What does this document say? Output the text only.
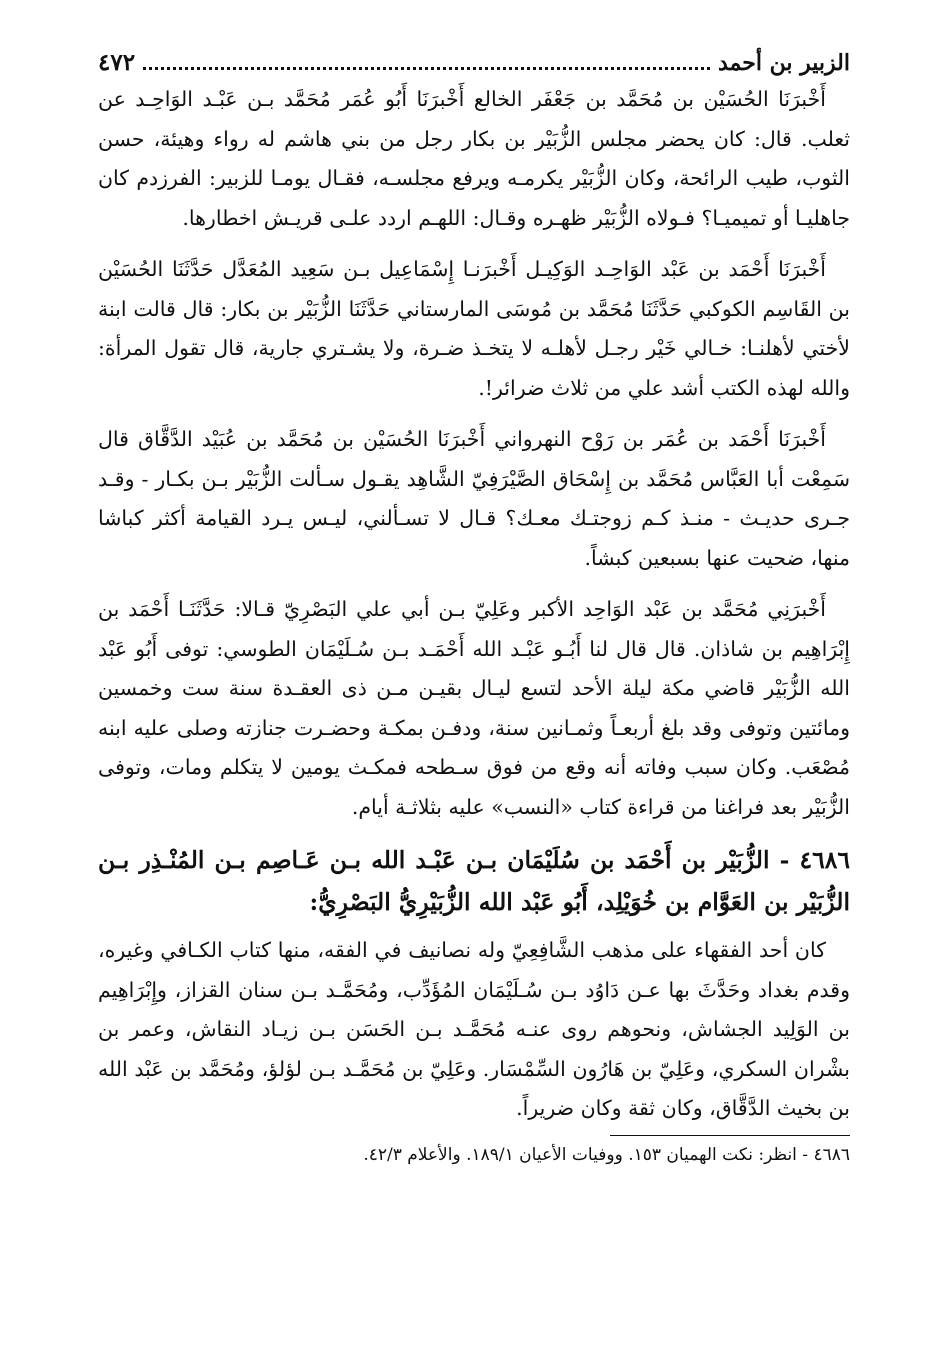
الزبير بن أحمد
٤٧٢

أَخْبرَنَا الحُسَيْن بن مُحَمَّد بن جَعْفَر الخالع أَخْبرَنَا أَبُو عُمَر مُحَمَّد بـن عَبْـد الوَاحِـد عن ثعلب. قال: كان يحضر مجلس الزُّبَيْر بن بكار رجل من بني هاشم له رواء وهيئة، حسن الثوب، طيب الرائحة، وكان الزُّبَيْر يكرمـه ويرفع مجلسـه، فقـال يومـا للزبير: الفرزدم كان جاهليـا أو تميميـا؟ فـولاه الزُّبَيْر ظهـره وقـال: اللهـم اردد علـى قريـش اخطارها.

أَخْبرَنَا أَحْمَد بن عَبْد الوَاحِـد الوَكِيـل أَخْبرَنـا إِسْمَاعِيل بـن سَعِيد المُعَدَّل حَدَّثَنَا الحُسَيْن بن القَاسِم الكوكبي حَدَّثَنَا مُحَمَّد بن مُوسَى المارستاني حَدَّثَنَا الزُّبَيْر بن بكار: قال قالت ابنة لأختي لأهلنـا: خـالي خَيْر رجـل لأهلـه لا يتخـذ ضـرة، ولا يشـتري جارية، قال تقول المرأة: والله لهذه الكتب أشد علي من ثلاث ضرائر!.

أَخْبرَنَا أَحْمَد بن عُمَر بن رَوْح النهرواني أَخْبرَنَا الحُسَيْن بن مُحَمَّد بن عُبَيْد الدَّقَّاق قال سَمِعْت أبا العَبَّاس مُحَمَّد بن إِسْحَاق الصَّيْرَفِيّ الشَّاهِد يقـول سـألت الزُّبَيْر بـن بكـار - وقـد جـرى حديـث - منـذ كـم زوجتـك معـك؟ قـال لا تسـألني، ليـس يـرد القيامة أكثر كباشا منها، ضحيت عنها بسبعين كبشاً.

أَخْبرَنِي مُحَمَّد بن عَبْد الوَاحِد الأكبر وعَلِيّ بـن أبي علي البَصْرِيّ قـالا: حَدَّثَنَـا أَحْمَد بن إِبْرَاهِيم بن شاذان. قال قال لنا أَبُـو عَبْـد الله أَحْمَـد بـن سُـلَيْمَان الطوسي: توفى أَبُو عَبْد الله الزُّبَيْر قاضي مكة ليلة الأحد لتسع ليـال بقيـن مـن ذى العقـدة سنة ست وخمسين ومائتين وتوفى وقد بلغ أربعـاً وثمـانين سنة، ودفـن بمكـة وحضـرت جنازته وصلى عليه ابنه مُصْعَب. وكان سبب وفاته أنه وقع من فوق سـطحه فمكـث يومين لا يتكلم ومات، وتوفى الزُّبَيْر بعد فراغنا من قراءة كتاب «النسب» عليه بثلاثـة أيام.

٤٦٨٦ - الزُّبَيْر بن أَحْمَد بن سُلَيْمَان بـن عَبْـد الله بـن عَـاصِم بـن المُنْـذِر بـن الزُّبَيْر بن العَوَّام بن خُوَيْلِد، أَبُو عَبْد الله الزُّبَيْرِيُّ البَصْرِيُّ:

كان أحد الفقهاء على مذهب الشَّافِعِيّ وله نصانيف في الفقه، منها كتاب الكـافي وغيره، وقدم بغداد وحَدَّثَ بها عـن دَاوُد بـن سُـلَيْمَان المُؤَدِّب، ومُحَمَّـد بـن سنان القزاز، وإِبْرَاهِيم بن الوَلِيد الجشاش، ونحوهم روى عنـه مُحَمَّـد بـن الحَسَن بـن زيـاد النقاش، وعمر بن بشْران السكري، وعَلِيّ بن هَارُون السِّمْسَار. وعَلِيّ بن مُحَمَّـد بـن لؤلؤ، ومُحَمَّد بن عَبْد الله بن بخيث الدَّقَّاق، وكان ثقة وكان ضريراً.

٤٦٨٦ - انظر: نكت الهميان ١٥٣. ووفيات الأعيان ١٨٩/١. والأعلام ٤٢/٣.
